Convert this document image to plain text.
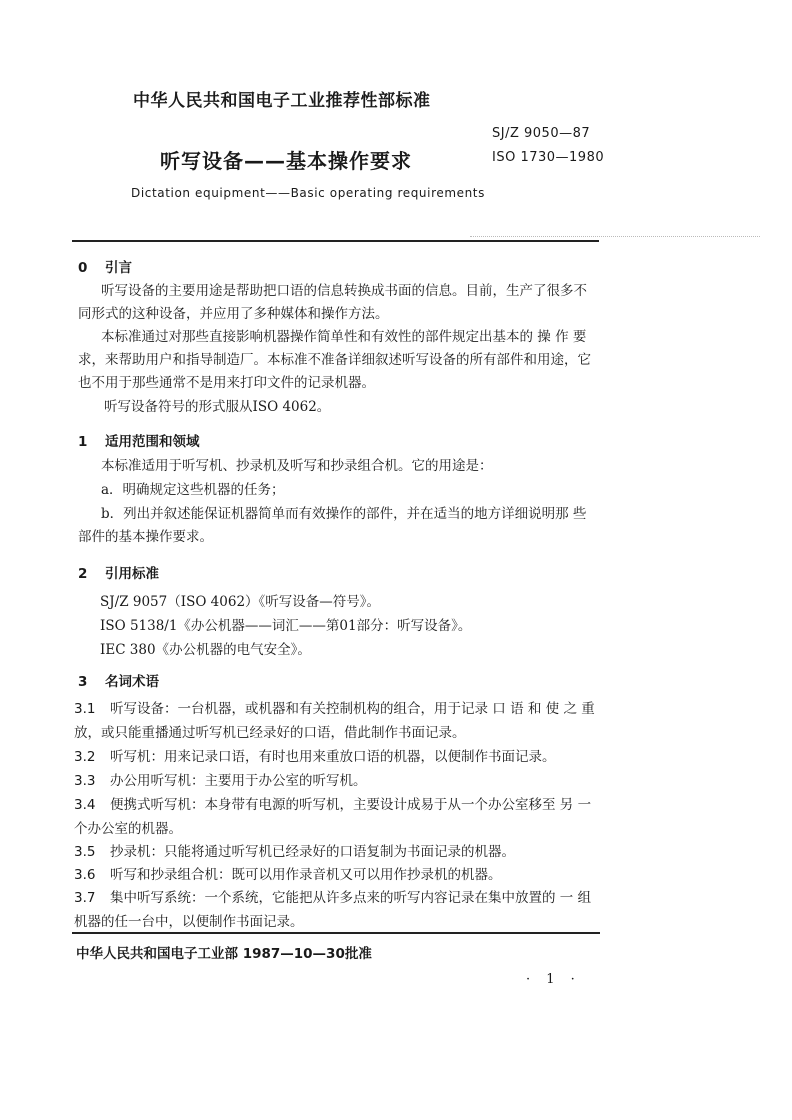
中华人民共和国电子工业推荐性部标准
SJ/Z 9050—87
ISO 1730—1980
听写设备——基本操作要求
Dictation equipment——Basic operating requirements
0 引言
听写设备的主要用途是帮助把口语的信息转换成书面的信息。目前，生产了很多不
同形式的这种设备，并应用了多种媒体和操作方法。
本标准通过对那些直接影响机器操作简单性和有效性的部件规定出基本的 操 作 要
求，来帮助用户和指导制造厂。本标准不准备详细叙述听写设备的所有部件和用途，它
也不用于那些通常不是用来打印文件的记录机器。
听写设备符号的形式服从ISO 4062。
1 适用范围和领域
本标准适用于听写机、抄录机及听写和抄录组合机。它的用途是：
a．明确规定这些机器的任务；
b．列出并叙述能保证机器简单而有效操作的部件，并在适当的地方详细说明那 些
部件的基本操作要求。
2 引用标准
SJ/Z 9057（ISO 4062）《听写设备—符号》。
ISO 5138/1《办公机器——词汇——第01部分：听写设备》。
IEC 380《办公机器的电气安全》。
3 名词术语
3.1 听写设备：一台机器，或机器和有关控制机构的组合，用于记录 口 语 和 使 之 重
放，或只能重播通过听写机已经录好的口语，借此制作书面记录。
3.2 听写机：用来记录口语，有时也用来重放口语的机器，以便制作书面记录。
3.3 办公用听写机：主要用于办公室的听写机。
3.4 便携式听写机：本身带有电源的听写机，主要设计成易于从一个办公室移至 另 一
个办公室的机器。
3.5 抄录机：只能将通过听写机已经录好的口语复制为书面记录的机器。
3.6 听写和抄录组合机：既可以用作录音机又可以用作抄录机的机器。
3.7 集中听写系统：一个系统，它能把从许多点来的听写内容记录在集中放置的 一 组
机器的任一台中，以便制作书面记录。
中华人民共和国电子工业部 1987—10—30批准
· 1 ·
